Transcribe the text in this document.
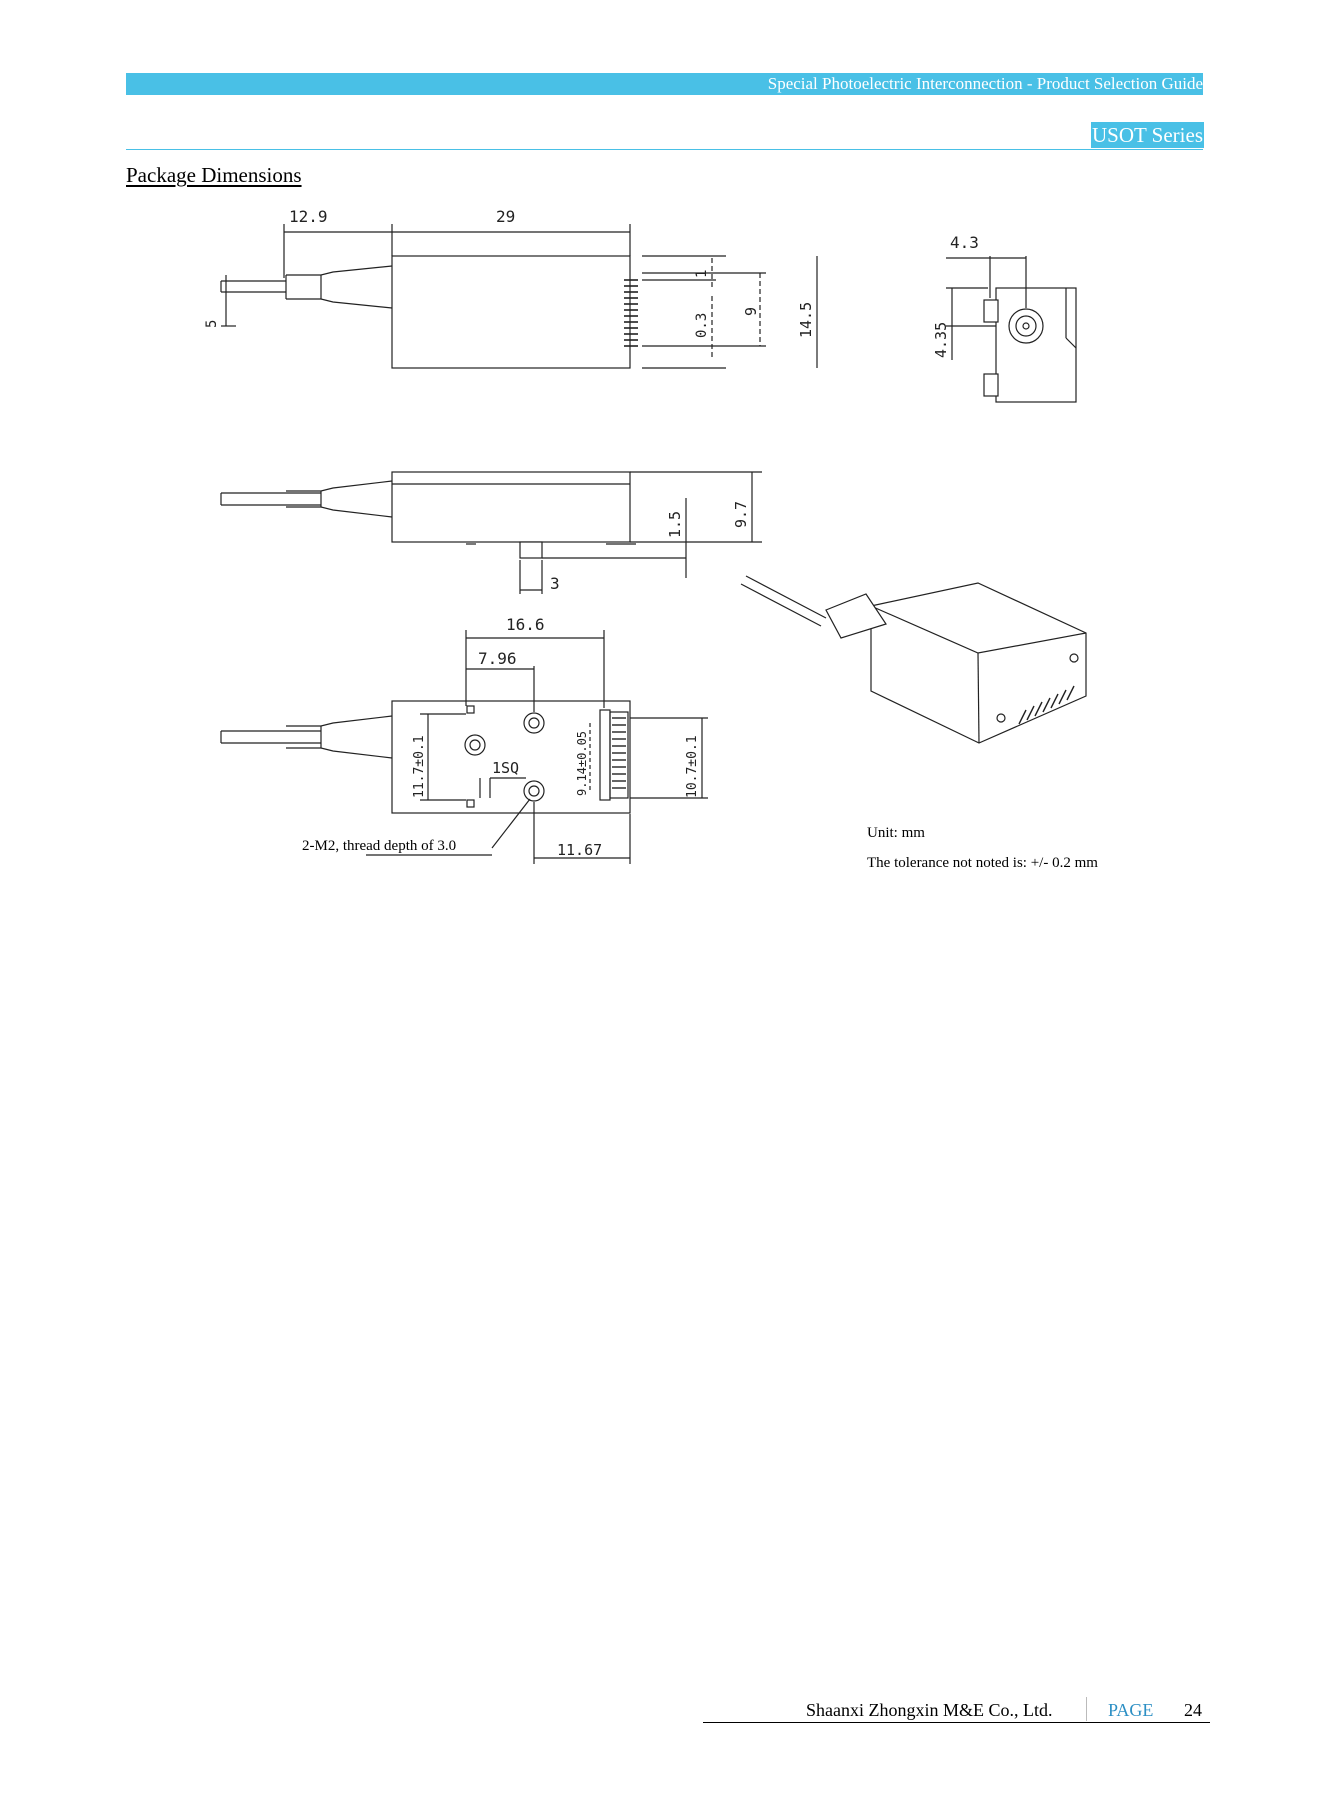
Special Photoelectric Interconnection - Product Selection Guide
USOT Series
Package Dimensions
12.9	29
5
1
0.3
9 14.5
4.3
4.35
3
1.5	9.7
16.6
7.96
11.7±0.1	1SQ	9.14±0.05	10.7±0.1
11.67
2-M2, thread depth of 3.0
Unit: mm
The tolerance not noted is: +/- 0.2 mm
Shaanxi Zhongxin M&E Co., Ltd.	PAGE 24
